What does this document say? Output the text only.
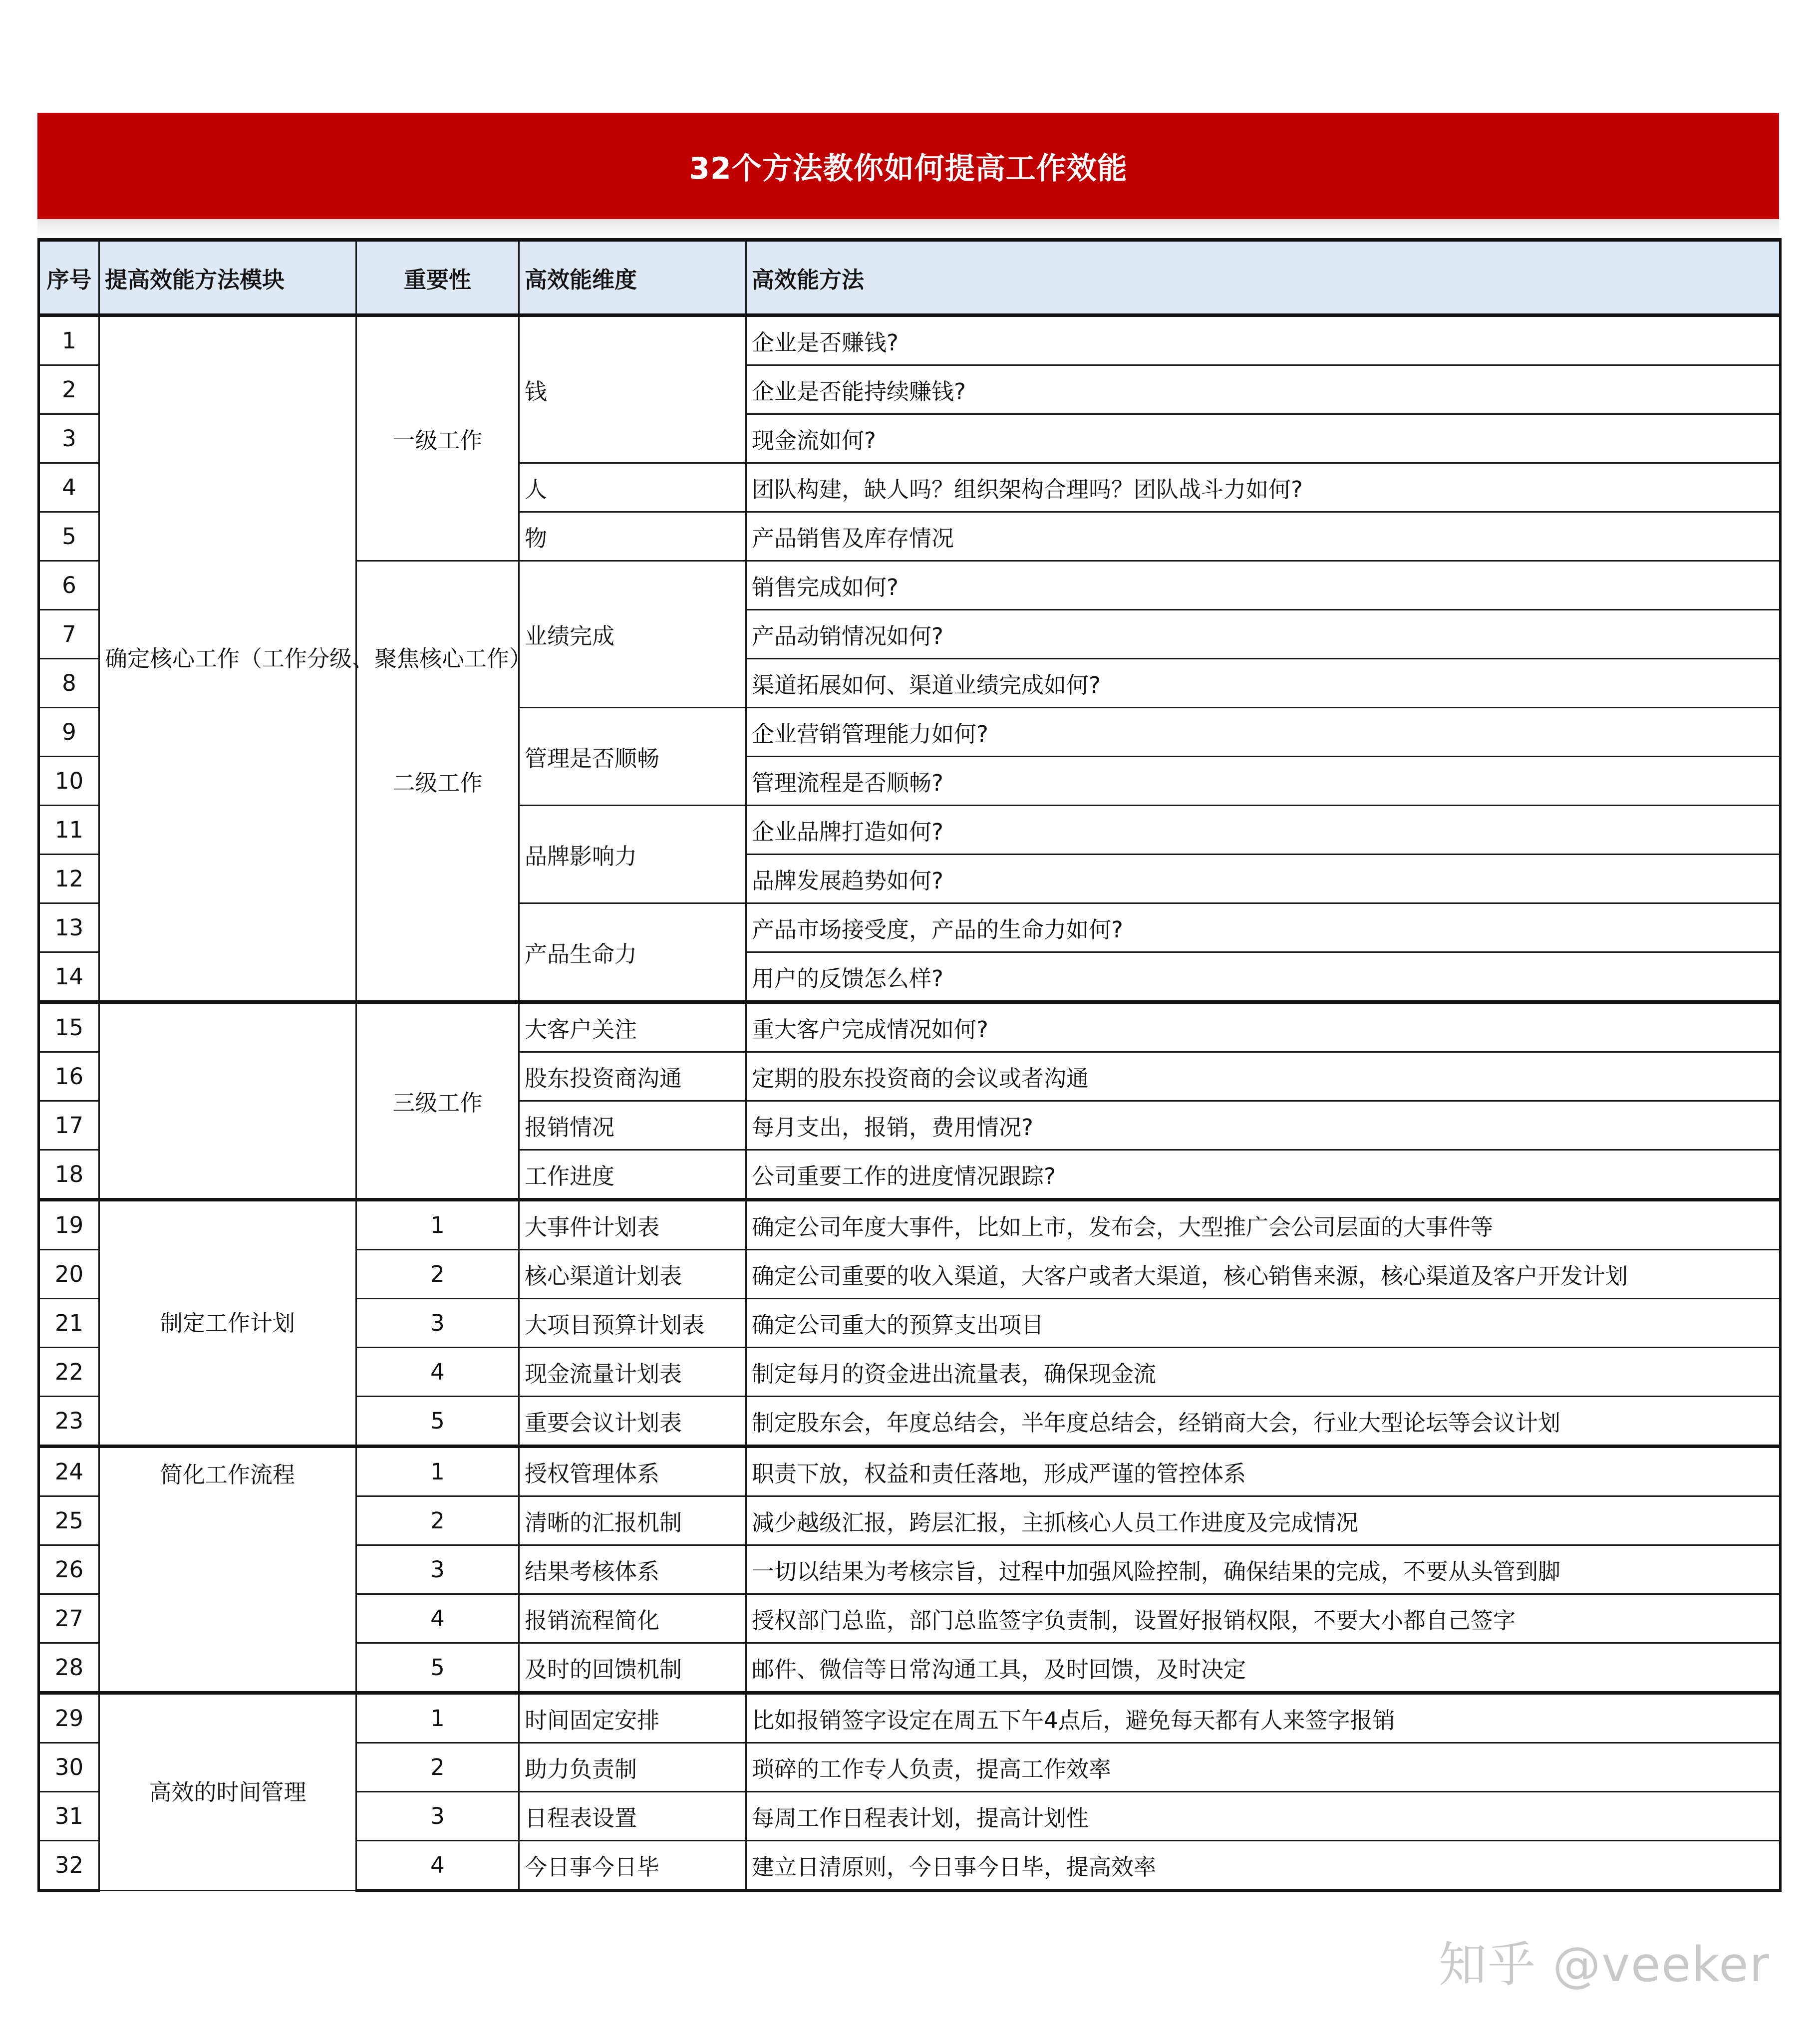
32个方法教你如何提高工作效能
序号	提高效能方法模块	重要性	高效能维度	高效能方法
1	确定核心工作（工作分级、聚焦核心工作）	一级工作	钱	企业是否赚钱?
2				企业是否能持续赚钱?
3				现金流如何?
4			人	团队构建，缺人吗？组织架构合理吗？团队战斗力如何?
5			物	产品销售及库存情况
6		二级工作	业绩完成	销售完成如何?
7				产品动销情况如何?
8				渠道拓展如何、渠道业绩完成如何?
9			管理是否顺畅	企业营销管理能力如何?
10				管理流程是否顺畅?
11			品牌影响力	企业品牌打造如何?
12				品牌发展趋势如何?
13			产品生命力	产品市场接受度，产品的生命力如何?
14				用户的反馈怎么样?
15		三级工作	大客户关注	重大客户完成情况如何?
16			股东投资商沟通	定期的股东投资商的会议或者沟通
17			报销情况	每月支出，报销，费用情况?
18			工作进度	公司重要工作的进度情况跟踪?
19	制定工作计划	1	大事件计划表	确定公司年度大事件，比如上市，发布会，大型推广会公司层面的大事件等
20		2	核心渠道计划表	确定公司重要的收入渠道，大客户或者大渠道，核心销售来源，核心渠道及客户开发计划
21		3	大项目预算计划表	确定公司重大的预算支出项目
22		4	现金流量计划表	制定每月的资金进出流量表，确保现金流
23		5	重要会议计划表	制定股东会，年度总结会，半年度总结会，经销商大会，行业大型论坛等会议计划
24	简化工作流程	1	授权管理体系	职责下放，权益和责任落地，形成严谨的管控体系
25		2	清晰的汇报机制	减少越级汇报，跨层汇报，主抓核心人员工作进度及完成情况
26		3	结果考核体系	一切以结果为考核宗旨，过程中加强风险控制，确保结果的完成，不要从头管到脚
27		4	报销流程简化	授权部门总监，部门总监签字负责制，设置好报销权限，不要大小都自己签字
28		5	及时的回馈机制	邮件、微信等日常沟通工具，及时回馈，及时决定
29	高效的时间管理	1	时间固定安排	比如报销签字设定在周五下午4点后，避免每天都有人来签字报销
30		2	助力负责制	琐碎的工作专人负责，提高工作效率
31		3	日程表设置	每周工作日程表计划，提高计划性
32		4	今日事今日毕	建立日清原则，今日事今日毕，提高效率
知乎 @veeker
